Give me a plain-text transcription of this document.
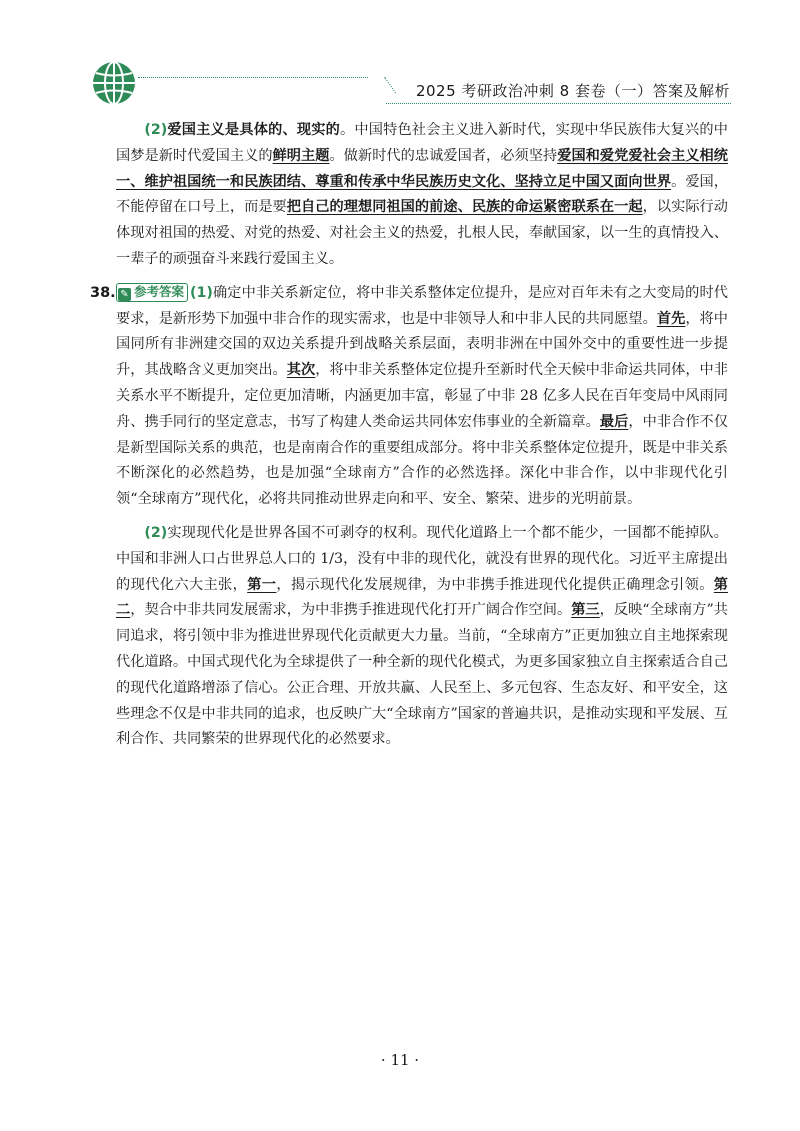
2025 考研政治冲刺 8 套卷（一）答案及解析

(2)爱国主义是具体的、现实的。中国特色社会主义进入新时代，实现中华民族伟大复兴的中国梦是新时代爱国主义的鲜明主题。做新时代的忠诚爱国者，必须坚持爱国和爱党爱社会主义相统一、维护祖国统一和民族团结、尊重和传承中华民族历史文化、坚持立足中国又面向世界。爱国，不能停留在口号上，而是要把自己的理想同祖国的前途、民族的命运紧密联系在一起，以实际行动体现对祖国的热爱、对党的热爱、对社会主义的热爱，扎根人民，奉献国家，以一生的真情投入、一辈子的顽强奋斗来践行爱国主义。

✎ 参考答案 (1)确定中非关系新定位，将中非关系整体定位提升，是应对百年未有之大变局的时代要求，是新形势下加强中非合作的现实需求，也是中非领导人和中非人民的共同愿望。首先，将中国同所有非洲建交国的双边关系提升到战略关系层面，表明非洲在中国外交中的重要性进一步提升，其战略含义更加突出。其次，将中非关系整体定位提升至新时代全天候中非命运共同体，中非关系水平不断提升，定位更加清晰，内涵更加丰富，彰显了中非 28 亿多人民在百年变局中风雨同舟、携手同行的坚定意志，书写了构建人类命运共同体宏伟事业的全新篇章。最后，中非合作不仅是新型国际关系的典范，也是南南合作的重要组成部分。将中非关系整体定位提升，既是中非关系不断深化的必然趋势，也是加强“全球南方”合作的必然选择。深化中非合作，以中非现代化引领“全球南方”现代化，必将共同推动世界走向和平、安全、繁荣、进步的光明前景。

(2)实现现代化是世界各国不可剥夺的权利。现代化道路上一个都不能少，一国都不能掉队。中国和非洲人口占世界总人口的 1/3，没有中非的现代化，就没有世界的现代化。习近平主席提出的现代化六大主张，第一，揭示现代化发展规律，为中非携手推进现代化提供正确理念引领。第二，契合中非共同发展需求，为中非携手推进现代化打开广阔合作空间。第三，反映“全球南方”共同追求，将引领中非为推进世界现代化贡献更大力量。当前，“全球南方”正更加独立自主地探索现代化道路。中国式现代化为全球提供了一种全新的现代化模式，为更多国家独立自主探索适合自己的现代化道路增添了信心。公正合理、开放共赢、人民至上、多元包容、生态友好、和平安全，这些理念不仅是中非共同的追求，也反映广大“全球南方”国家的普遍共识，是推动实现和平发展、互利合作、共同繁荣的世界现代化的必然要求。

38.
· 11 ·
